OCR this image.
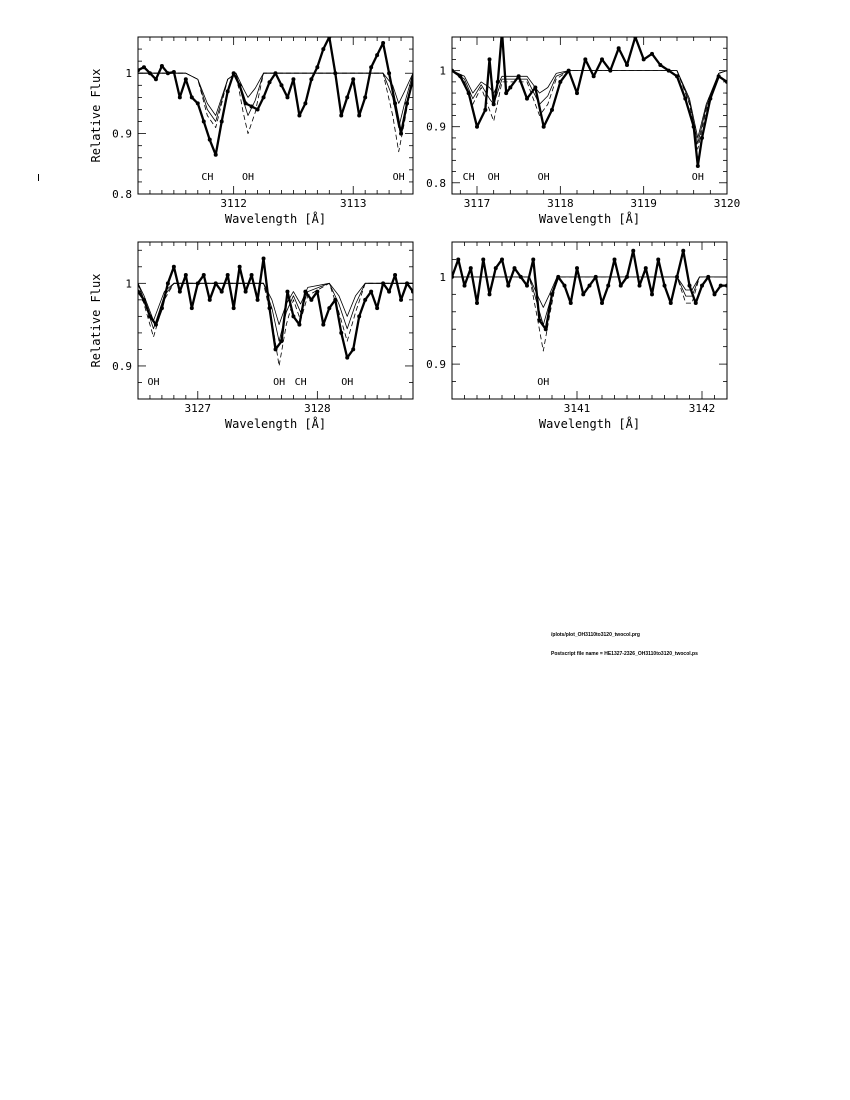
3112	3113
0.8
0.9
1
Wavelength [Å]
Relative Flux
CH	OH	OH
3117	3118	3119	3120
0.8
0.9
1
Wavelength [Å]
CH OH	OH	OH
3127	3128
0.9
1
Wavelength [Å]
Relative Flux
OH	OH CH	OH
3141	3142
0.9
1
Wavelength [Å]
OH
/plots/plot_OH3110to3120_twocol.prg
Postscript file name = HE1327-2326_OH3110to3120_twocol.ps
